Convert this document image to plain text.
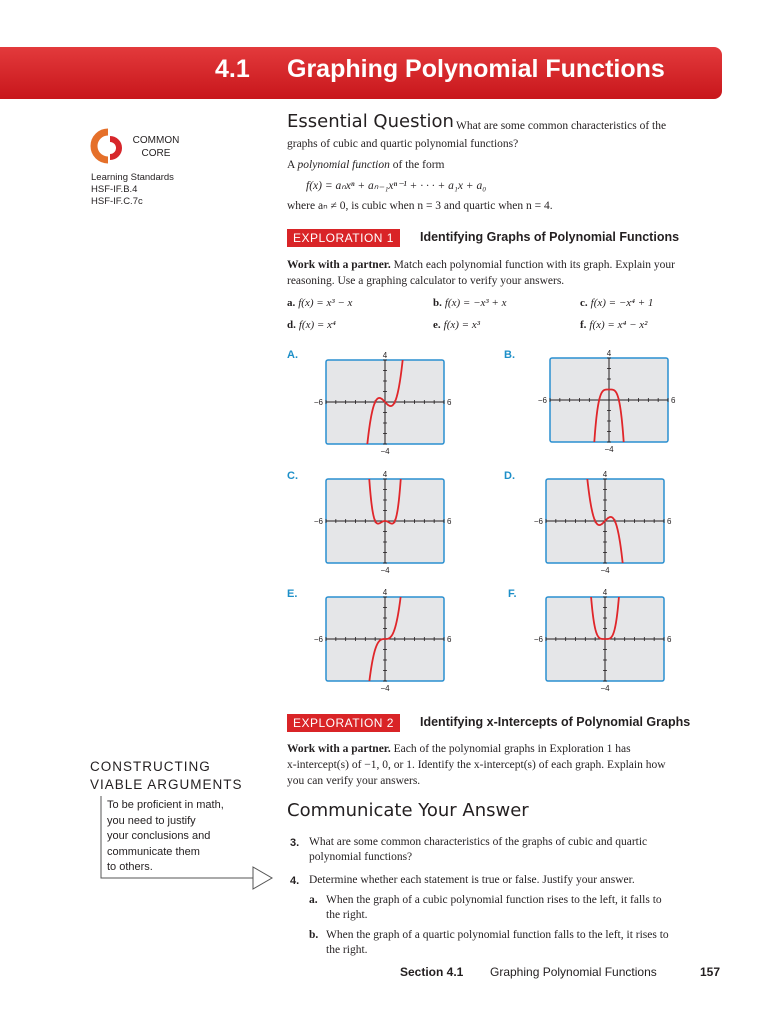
4.1 Graphing Polynomial Functions
COMMON
CORE
Learning Standards
HSF-IF.B.4
HSF-IF.C.7c
Essential Question What are some common characteristics of the
graphs of cubic and quartic polynomial functions?
A polynomial function of the form
f(x) = aₙxⁿ + aₙ₋₁xⁿ⁻¹ + · · · + a₁x + a₀
where aₙ ≠ 0, is cubic when n = 3 and quartic when n = 4.
EXPLORATION 1	Identifying Graphs of Polynomial Functions
Work with a partner. Match each polynomial function with its graph. Explain your
reasoning. Use a graphing calculator to verify your answers.
a. f(x) = x³ − x	b. f(x) = −x³ + x	c. f(x) = −x⁴ + 1
d. f(x) = x⁴	e. f(x) = x³	f. f(x) = x⁴ − x²
A.	B.
C.	D.
E.	F.
4
−4
−6	6
4
−4
−6	6
4
−4
−6	6
4
−4
−6	6
4
−4
−6	6
4
−4
−6	6
EXPLORATION 2	Identifying x-Intercepts of Polynomial Graphs
Work with a partner. Each of the polynomial graphs in Exploration 1 has
x-intercept(s) of −1, 0, or 1. Identify the x-intercept(s) of each graph. Explain how
you can verify your answers.
CONSTRUCTING
VIABLE ARGUMENTS
To be proficient in math,
you need to justify
your conclusions and
communicate them
to others.
Communicate Your Answer
3. What are some common characteristics of the graphs of cubic and quartic
polynomial functions?
4. Determine whether each statement is true or false. Justify your answer.
a. When the graph of a cubic polynomial function rises to the left, it falls to
the right.
b. When the graph of a quartic polynomial function falls to the left, it rises to
the right.
Section 4.1 Graphing Polynomial Functions	157
